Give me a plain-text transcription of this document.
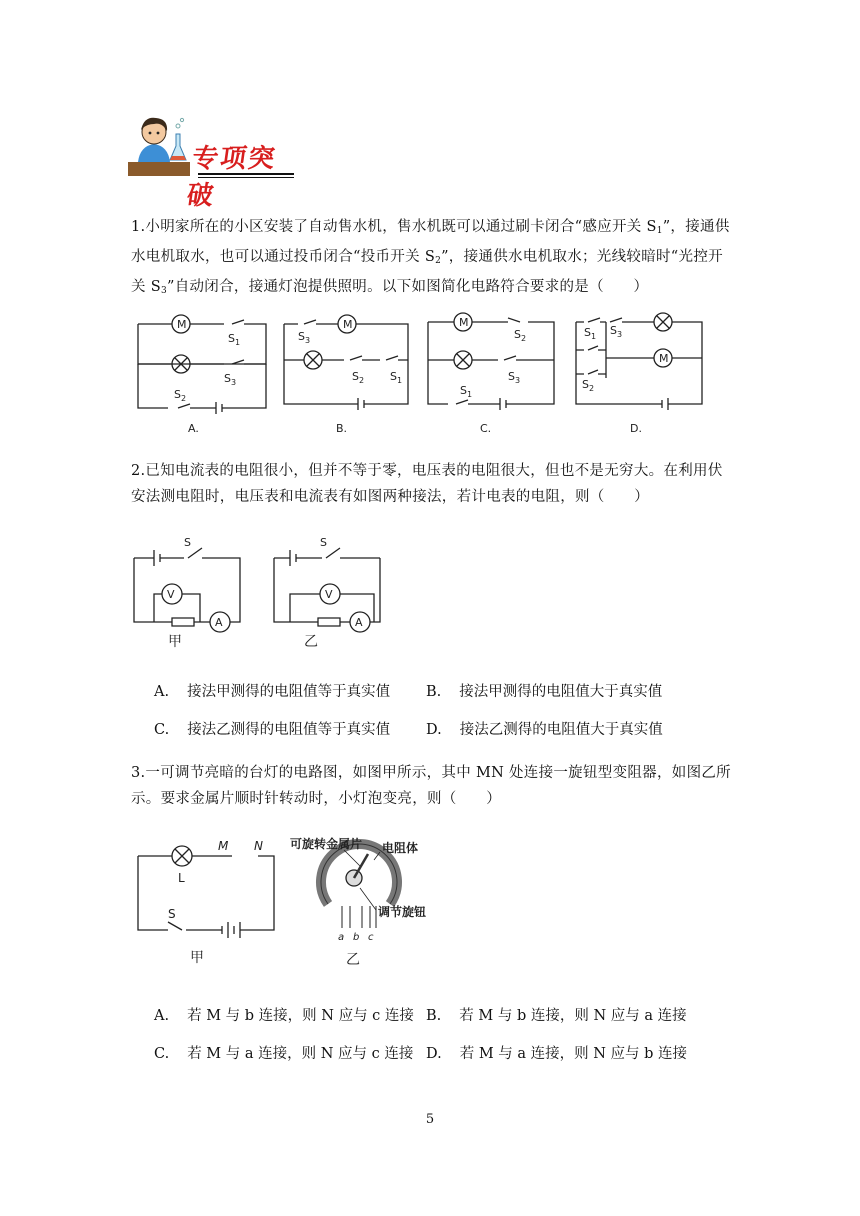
专项突破
1.小明家所在的小区安装了自动售水机，售水机既可以通过刷卡闭合“感应开关 $S_1$”，接通供水电机取水，也可以通过投币闭合“投币开关 $S_2$”，接通供水电机取水；光线较暗时“光控开关 $S_3$”自动闭合，接通灯泡提供照明。以下如图简化电路符合要求的是（　　）
M
$S_1$
$S_3$
$S_2$
A.
M
$S_3$
$S_2$ $S_1$
B.
M
$S_2$
$S_3$
$S_1$
C.
$S_1$ $S_3$
M
$S_2$
D.
2.已知电流表的电阻很小，但并不等于零，电压表的电阻很大，但也不是无穷大。在利用伏安法测电阻时，电压表和电流表有如图两种接法，若计电表的电阻，则（　　）
A
V
S
甲
A
V
S
乙
A. 接法甲测得的电阻值等于真实值 B. 接法甲测得的电阻值大于真实值
C. 接法乙测得的电阻值等于真实值 D. 接法乙测得的电阻值大于真实值
3.一可调节亮暗的台灯的电路图，如图甲所示，其中 MN 处连接一旋钮型变阻器，如图乙所示。要求金属片顺时针转动时，小灯泡变亮，则（　　）
L
M N
S
甲
a b c
可旋转金属片 电阻体
调节旋钮
乙
A. 若 M 与 b 连接，则 N 应与 c 连接 B. 若 M 与 b 连接，则 N 应与 a 连接
C. 若 M 与 a 连接，则 N 应与 c 连接 D. 若 M 与 a 连接，则 N 应与 b 连接
5
